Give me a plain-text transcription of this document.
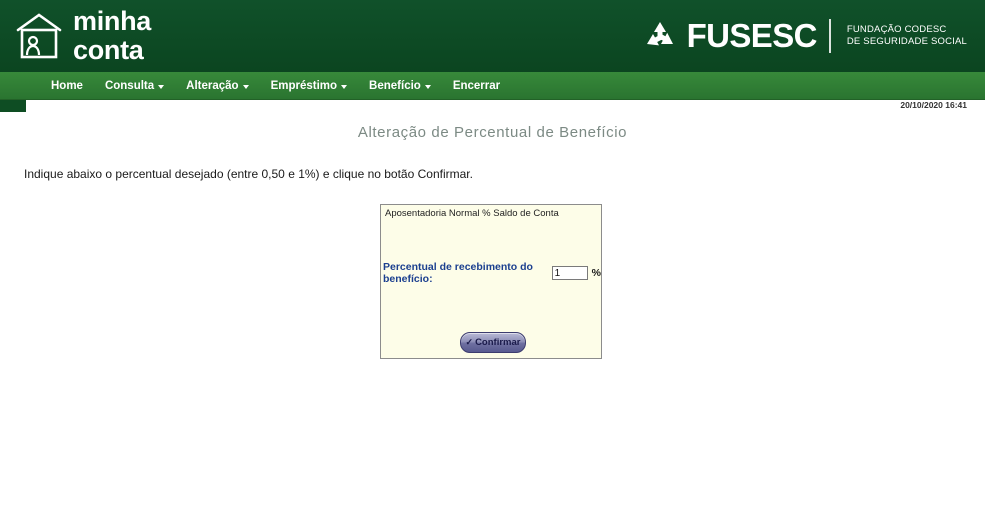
minha
conta	FUSESC	FUNDAÇÃO CODESC
DE SEGURIDADE SOCIAL
Home Consulta	Alteração	Empréstimo	Benefício	Encerrar
20/10/2020 16:41
Alteração de Percentual de Benefício
Indique abaixo o percentual desejado (entre 0,50 e 1%) e clique no botão Confirmar.
Aposentadoria Normal % Saldo de Conta
Percentual de recebimento do benefício:
1	%
✓ Confirmar
